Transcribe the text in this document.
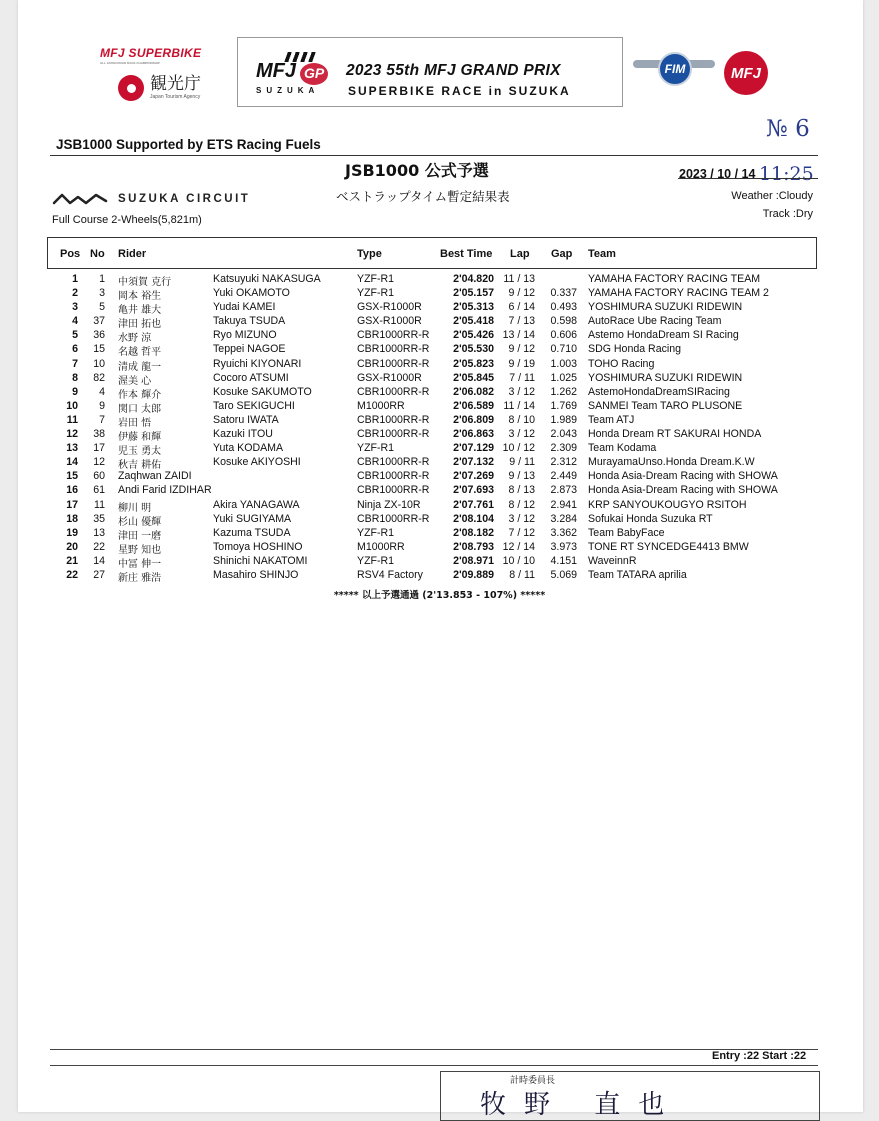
MFJ SUPERBIKE
ALL JAPAN ROAD RACE CHAMPIONSHIP
観光庁
Japan Tourism Agency
MFJ GP
SUZUKA
2023 55th MFJ GRAND PRIX
SUPERBIKE RACE in SUZUKA
FIM	MFJ
№ 6
JSB1000 Supported by ETS Racing Fuels
JSB1000 公式予選	2023 / 10 / 14 11:25
ベストラップタイム暫定結果表
SUZUKA CIRCUIT
Full Course 2-Wheels(5,821m)
Weather :Cloudy
Track :Dry
Pos No Rider	Type	Best Time Lap Gap Team
1	1 中須賀 克行	Katsuyuki NAKASUGA	YZF-R1	2'04.820 11 / 13	YAMAHA FACTORY RACING TEAM
2	3 岡本 裕生	Yuki OKAMOTO	YZF-R1	2'05.157	9 / 12	0.337 YAMAHA FACTORY RACING TEAM 2
3	5 亀井 雄大	Yudai KAMEI	GSX-R1000R	2'05.313	6 / 14	0.493 YOSHIMURA SUZUKI RIDEWIN
4	37 津田 拓也	Takuya TSUDA	GSX-R1000R	2'05.418	7 / 13	0.598 AutoRace Ube Racing Team
5	36 水野 涼	Ryo MIZUNO	CBR1000RR-R	2'05.426 13 / 14	0.606 Astemo HondaDream SI Racing
6	15 名越 哲平	Teppei NAGOE	CBR1000RR-R	2'05.530	9 / 12	0.710 SDG Honda Racing
7	10 清成 龍一	Ryuichi KIYONARI	CBR1000RR-R	2'05.823	9 / 19	1.003 TOHO Racing
8	82 渥美 心	Cocoro ATSUMI	GSX-R1000R	2'05.845	7 / 11	1.025 YOSHIMURA SUZUKI RIDEWIN
9	4 作本 輝介	Kosuke SAKUMOTO	CBR1000RR-R	2'06.082	3 / 12	1.262 AstemoHondaDreamSIRacing
10	9 関口 太郎	Taro SEKIGUCHI	M1000RR	2'06.589 11 / 14	1.769 SANMEI Team TARO PLUSONE
11	7 岩田 悟	Satoru IWATA	CBR1000RR-R	2'06.809	8 / 10	1.989 Team ATJ
12	38 伊藤 和輝	Kazuki ITOU	CBR1000RR-R	2'06.863	3 / 12	2.043 Honda Dream RT SAKURAI HONDA
13	17 児玉 勇太	Yuta KODAMA	YZF-R1	2'07.129 10 / 12	2.309 Team Kodama
14	12 秋吉 耕佑	Kosuke AKIYOSHI	CBR1000RR-R	2'07.132	9 / 11	2.312 MurayamaUnso.Honda Dream.K.W
15	60 Zaqhwan ZAIDI	CBR1000RR-R	2'07.269	9 / 13	2.449 Honda Asia-Dream Racing with SHOWA
16	61 Andi Farid IZDIHAR	CBR1000RR-R	2'07.693	8 / 13	2.873 Honda Asia-Dream Racing with SHOWA
17	11 柳川 明	Akira YANAGAWA	Ninja ZX-10R	2'07.761	8 / 12	2.941 KRP SANYOUKOUGYO RSITOH
18	35 杉山 優輝	Yuki SUGIYAMA	CBR1000RR-R	2'08.104	3 / 12	3.284 Sofukai Honda Suzuka RT
19	13 津田 一磨	Kazuma TSUDA	YZF-R1	2'08.182	7 / 12	3.362 Team BabyFace
20	22 星野 知也	Tomoya HOSHINO	M1000RR	2'08.793 12 / 14	3.973 TONE RT SYNCEDGE4413 BMW
21	14 中冨 伸一	Shinichi NAKATOMI	YZF-R1	2'08.971 10 / 10	4.151 WaveinnR
22	27 新庄 雅浩	Masahiro SHINJO	RSV4 Factory	2'09.889	8 / 11	5.069 Team TATARA aprilia
***** 以上予選通過 (2'13.853 - 107%) *****
Entry :22 Start :22
計時委員長
牧野 直也
